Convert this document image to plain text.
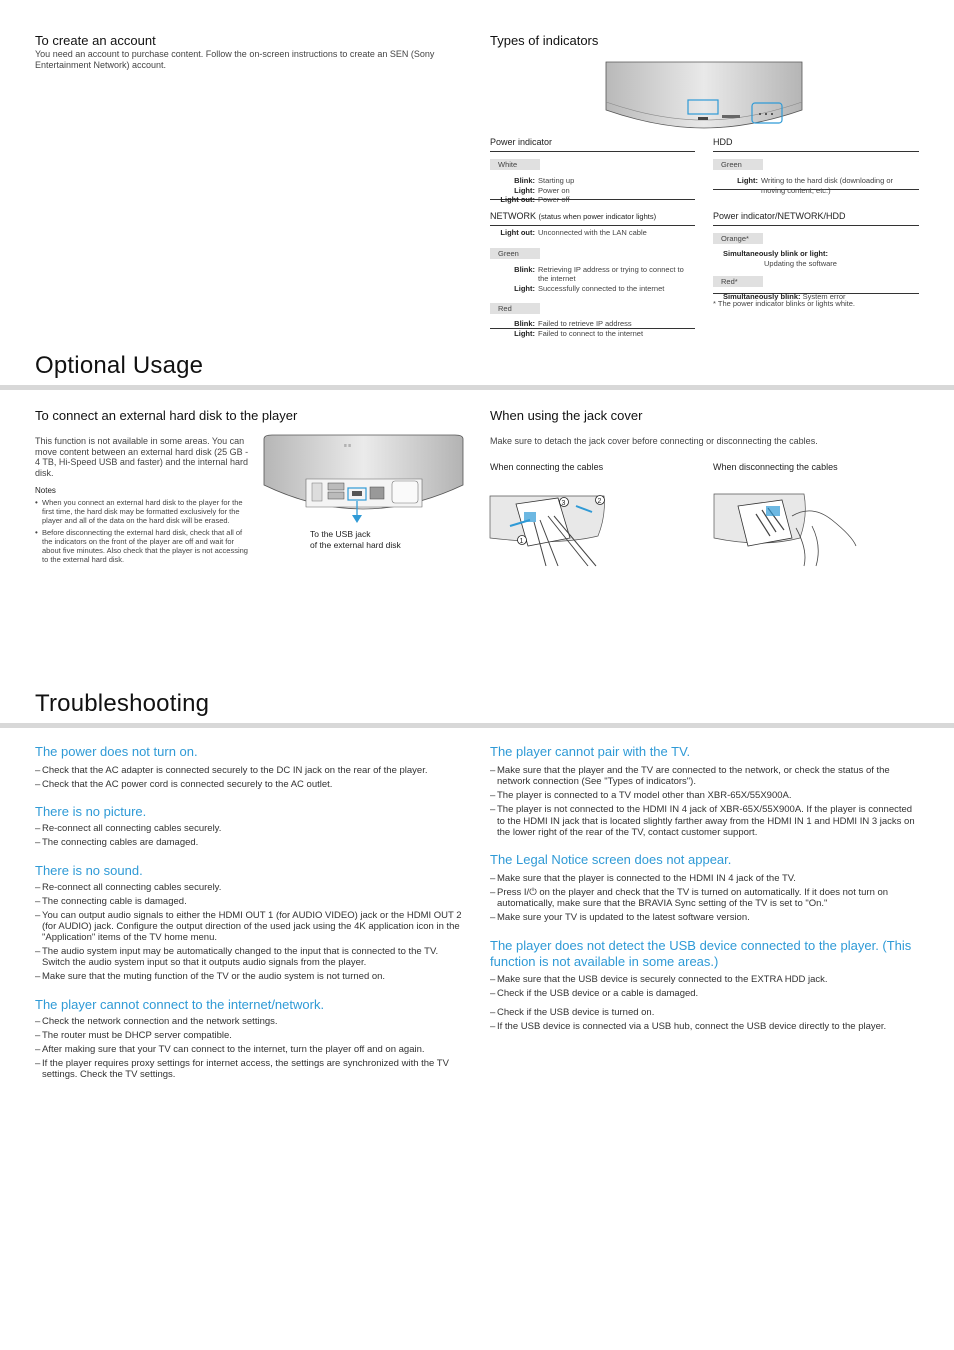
To create an account

You need an account to purchase content. Follow the on-screen instructions to create an SEN (Sony Entertainment Network) account.

Types of indicators
Power indicator
White
Blink: Starting up
Light: Power on
Light out: Power off
HDD
Green
Light: Writing to the hard disk (downloading or moving content, etc.)
NETWORK (status when power indicator lights)
Light out: Unconnected with the LAN cable
Green
Blink: Retrieving IP address or trying to connect to the internet
Light: Successfully connected to the internet
Red
Blink: Failed to retrieve IP address
Light: Failed to connect to the internet
Power indicator/NETWORK/HDD
Orange*
Simultaneously blink or light:
Updating the software
Red*
Simultaneously blink: System error
* The power indicator blinks or lights white.
Optional Usage
To connect an external hard disk to the player

This function is not available in some areas. You can move content between an external hard disk (25 GB - 4 TB, Hi-Speed USB and faster) and the internal hard disk.

Notes
• When you connect an external hard disk to the player for the first time, the hard disk may be formatted exclusively for the player and all of the data on the hard disk will be erased.
• Before disconnecting the external hard disk, check that all of the indicators on the front of the player are off and wait for about five minutes. Also check that the player is not accessing to the external hard disk.
≡ ≡
To the USB jack
of the external hard disk
When using the jack cover

Make sure to detach the jack cover before connecting or disconnecting the cables.

When connecting the cables	When disconnecting the cables
3	2
1
Troubleshooting
The power does not turn on.
– Check that the AC adapter is connected securely to the DC IN jack on the rear of the player.
– Check that the AC power cord is connected securely to the AC outlet.
There is no picture.
– Re-connect all connecting cables securely.
– The connecting cables are damaged.
There is no sound.
– Re-connect all connecting cables securely.
– The connecting cable is damaged.
– You can output audio signals to either the HDMI OUT 1 (for AUDIO VIDEO) jack or the HDMI OUT 2 (for AUDIO) jack. Configure the output direction of the used jack using the 4K application icon in the "Application" items of the TV home menu.
– The audio system input may be automatically changed to the input that is connected to the TV. Switch the audio system input so that it outputs audio signals from the player.
– Make sure that the muting function of the TV or the audio system is not turned on.
The player cannot connect to the internet/network.
– Check the network connection and the network settings.
– The router must be DHCP server compatible.
– After making sure that your TV can connect to the internet, turn the player off and on again.
– If the player requires proxy settings for internet access, the settings are synchronized with the TV settings. Check the TV settings.
The player cannot pair with the TV.
– Make sure that the player and the TV are connected to the network, or check the status of the network connection (See "Types of indicators").
– The player is connected to a TV model other than XBR-65X/55X900A.
– The player is not connected to the HDMI IN 4 jack of XBR-65X/55X900A. If the player is connected to the HDMI IN jack that is located slightly farther away from the HDMI IN 1 and HDMI IN 3 jacks on the lower right of the rear of the TV, contact customer support.
The Legal Notice screen does not appear.
– Make sure that the player is connected to the HDMI IN 4 jack of the TV.
– Press I/⏻ on the player and check that the TV is turned on automatically. If it does not turn on automatically, make sure that the BRAVIA Sync setting of the TV is set to "On."
– Make sure your TV is updated to the latest software version.
The player does not detect the USB device connected to the player. (This function is not available in some areas.)
– Make sure that the USB device is securely connected to the EXTRA HDD jack.
– Check if the USB device or a cable is damaged.
– Check if the USB device is turned on.
– If the USB device is connected via a USB hub, connect the USB device directly to the player.
